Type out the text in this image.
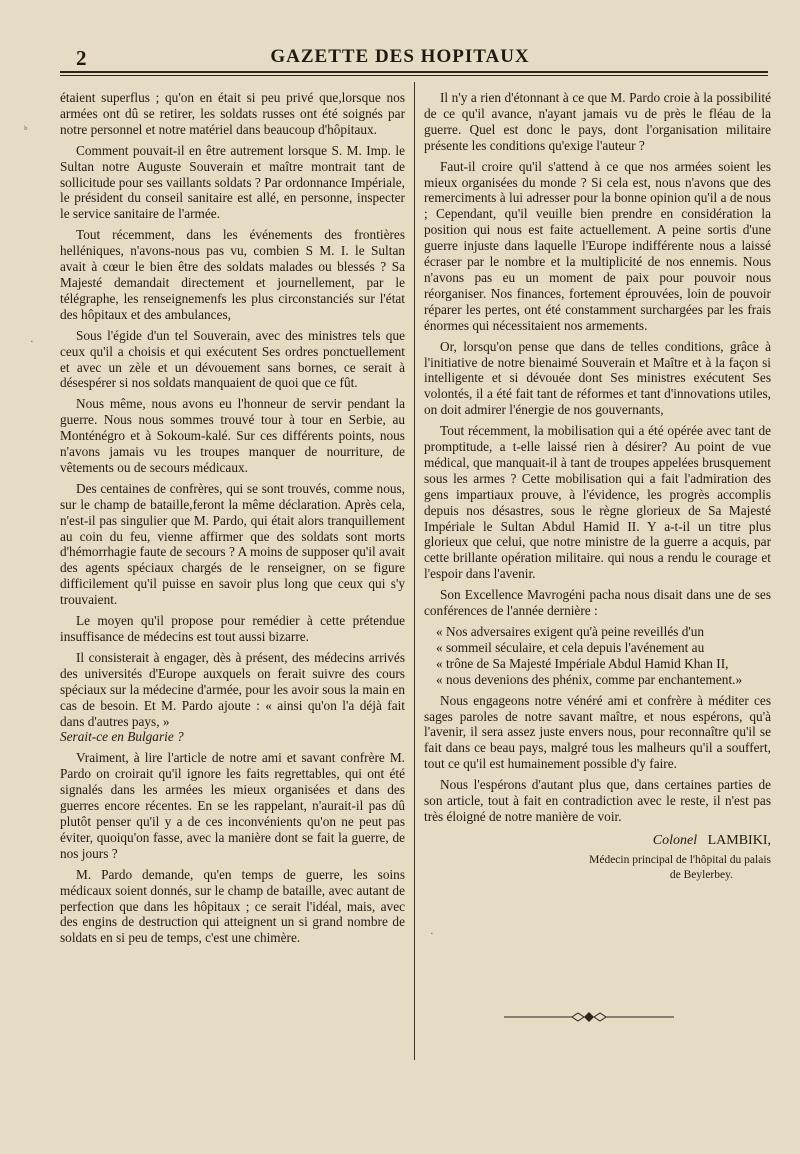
2	GAZETTE DES HOPITAUX

étaient superflus ; qu'on en était si peu privé que,lorsque nos armées ont dû se retirer, les soldats russes ont été soignés par notre personnel et notre matériel dans beaucoup d'hôpitaux.

Comment pouvait-il en être autrement lorsque S. M. Imp. le Sultan notre Auguste Souverain et maître montrait tant de sollicitude pour ses vaillants soldats ? Par ordonnance Impériale, le président du conseil sanitaire est allé, en personne, inspecter le service sanitaire de l'armée.

Tout récemment, dans les événements des frontières helléniques, n'avons-nous pas vu, combien S M. I. le Sultan avait à cœur le bien être des soldats malades ou blessés ? Sa Majesté demandait directement et journellement, par le télégraphe, les renseignemenfs les plus circonstanciés sur l'état des hôpitaux et des ambulances,

Sous l'égide d'un tel Souverain, avec des ministres tels que ceux qu'il a choisis et qui exécutent Ses ordres ponctuellement et avec un zèle et un dévouement sans bornes, ce serait à désespérer si nos soldats manquaient de quoi que ce fût.

Nous même, nous avons eu l'honneur de servir pendant la guerre. Nous nous sommes trouvé tour à tour en Serbie, au Monténégro et à Sokoum-kalé. Sur ces différents points, nous n'avons jamais vu les troupes manquer de nourriture, de vêtements ou de secours médicaux.

Des centaines de confrères, qui se sont trouvés, comme nous, sur le champ de bataille,feront la même déclaration. Après cela, n'est-il pas singulier que M. Pardo, qui était alors tranquillement au coin du feu, vienne affirmer que des soldats sont morts d'hémorrhagie faute de secours ? A moins de supposer qu'il avait des agents spéciaux chargés de le renseigner, on se figure difficilement qu'il puisse en savoir plus long que ceux qui s'y trouvaient.

Le moyen qu'il propose pour remédier à cette prétendue insuffisance de médecins est tout aussi bizarre.

Il consisterait à engager, dès à présent, des médecins arrivés des universités d'Europe auxquels on ferait suivre des cours spéciaux sur la médecine d'armée, pour les avoir sous la main en cas de besoin. Et M. Pardo ajoute : « ainsi qu'on l'a déjà fait dans d'autres pays, »

Serait-ce en Bulgarie ?

Vraiment, à lire l'article de notre ami et savant confrère M. Pardo on croirait qu'il ignore les faits regrettables, qui ont été signalés dans les armées les mieux organisées et dans des guerres encore récentes. En se les rappelant, n'aurait-il pas dû plutôt penser qu'il y a de ces inconvénients qu'on ne peut pas éviter, quoiqu'on fasse, avec la manière dont se fait la guerre, de nos jours ?

M. Pardo demande, qu'en temps de guerre, les soins médicaux soient donnés, sur le champ de bataille, avec autant de perfection que dans les hôpitaux ; ce serait l'idéal, mais, avec des engins de destruction qui atteignent un si grand nombre de soldats en si peu de temps, c'est une chimère.

Il n'y a rien d'étonnant à ce que M. Pardo croie à la possibilité de ce qu'il avance, n'ayant jamais vu de près le fléau de la guerre. Quel est donc le pays, dont l'organisation militaire présente les conditions qu'exige l'auteur ?

Faut-il croire qu'il s'attend à ce que nos armées soient les mieux organisées du monde ? Si cela est, nous n'avons que des remerciments à lui adresser pour la bonne opinion qu'il a de nous ; Cependant, qu'il veuille bien prendre en considération la position qui nous est faite actuellement. A peine sortis d'une guerre injuste dans laquelle l'Europe indifférente nous a laissé écraser par le nombre et la multiplicité de nos ennemis. Nous n'avons pas eu un moment de paix pour pouvoir nous réorganiser. Nos finances, fortement éprouvées, loin de pouvoir réparer les pertes, ont été constamment surchargées par les frais énormes qui nécessitaient nos armements.

Or, lorsqu'on pense que dans de telles conditions, grâce à l'initiative de notre bienaimé Souverain et Maître et à la façon si intelligente et si dévouée dont Ses ministres exécutent Ses volontés, il a été fait tant de réformes et tant d'innovations utiles, on doit admirer l'énergie de nos gouvernants,

Tout récemment, la mobilisation qui a été opérée avec tant de promptitude, a t-elle laissé rien à désirer? Au point de vue médical, que manquait-il à tant de troupes appelées brusquement sous les armes ? Cette mobilisation qui a fait l'admiration des gens impartiaux prouve, à l'évidence, les progrès accomplis depuis nos désastres, sous le règne glorieux de Sa Majesté Impériale le Sultan Abdul Hamid II. Y a-t-il un titre plus glorieux que celui, que notre ministre de la guerre a acquis, par cette brillante opération militaire. qui nous a rendu le courage et l'espoir dans l'avenir.

Son Excellence Mavrogéni pacha nous disait dans une de ses conférences de l'année dernière :

« Nos adversaires exigent qu'à peine reveillés d'un

« sommeil séculaire, et cela depuis l'avénement au

« trône de Sa Majesté Impériale Abdul Hamid Khan II,

« nous devenions des phénix, comme par enchantement.»

Nous engageons notre vénéré ami et confrère à méditer ces sages paroles de notre savant maître, et nous espérons, qu'à l'avenir, il sera assez juste envers nous, pour reconnaître qu'il se fait dans ce beau pays, malgré tous les malheurs qu'il a souffert, tout ce qu'il est humainement possible d'y faire.

Nous l'espérons d'autant plus que, dans certaines parties de son article, tout à fait en contradiction avec le reste, il n'est pas très éloigné de notre manière de voir.

Colonel LAMBIKI,
Médecin principal de l'hôpital du palais
de Beylerbey.
ᵇ
·
·
